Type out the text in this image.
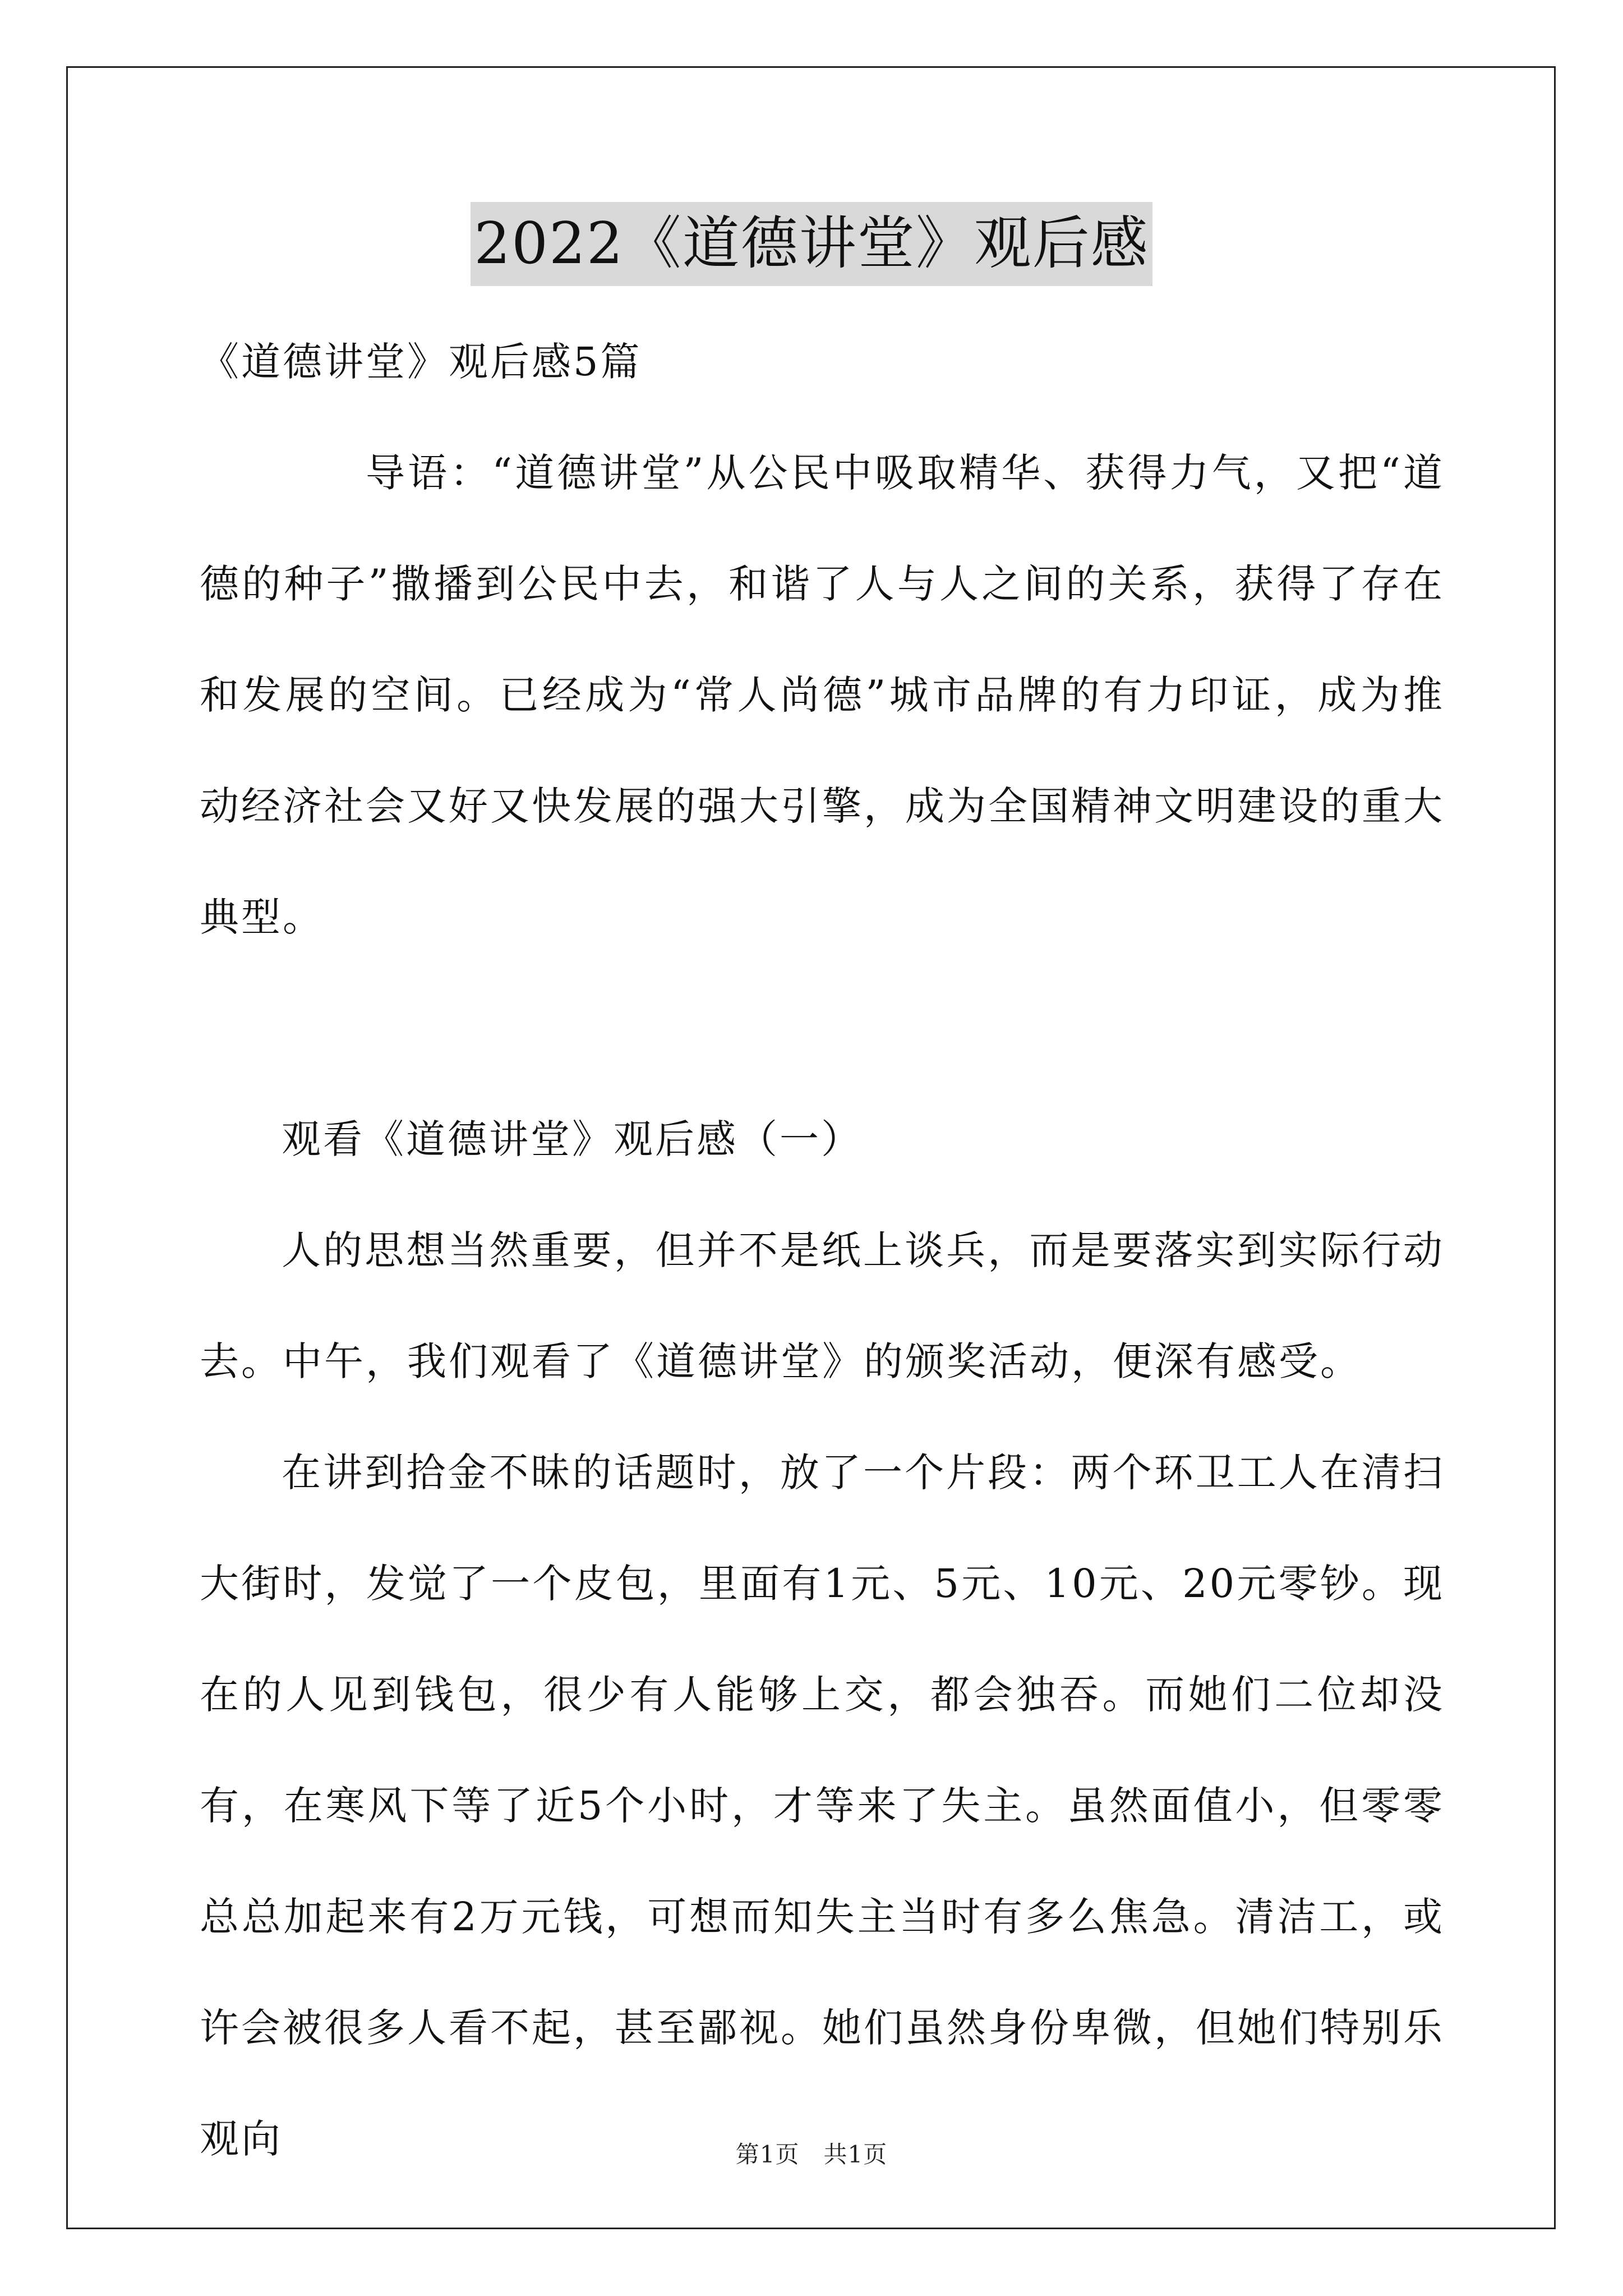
2022《道德讲堂》观后感

《道德讲堂》观后感5篇

导语：“道德讲堂”从公民中吸取精华、获得力气，又把“道德的种子”撒播到公民中去，和谐了人与人之间的关系，获得了存在和发展的空间。已经成为“常人尚德”城市品牌的有力印证，成为推动经济社会又好又快发展的强大引擎，成为全国精神文明建设的重大典型。

观看《道德讲堂》观后感（一）

人的思想当然重要，但并不是纸上谈兵，而是要落实到实际行动去。中午，我们观看了《道德讲堂》的颁奖活动，便深有感受。

在讲到拾金不昧的话题时，放了一个片段：两个环卫工人在清扫大街时，发觉了一个皮包，里面有1元、5元、10元、20元零钞。现在的人见到钱包，很少有人能够上交，都会独吞。而她们二位却没有，在寒风下等了近5个小时，才等来了失主。虽然面值小，但零零总总加起来有2万元钱，可想而知失主当时有多么焦急。清洁工，或许会被很多人看不起，甚至鄙视。她们虽然身份卑微，但她们特别乐观向	第1页　共1页
